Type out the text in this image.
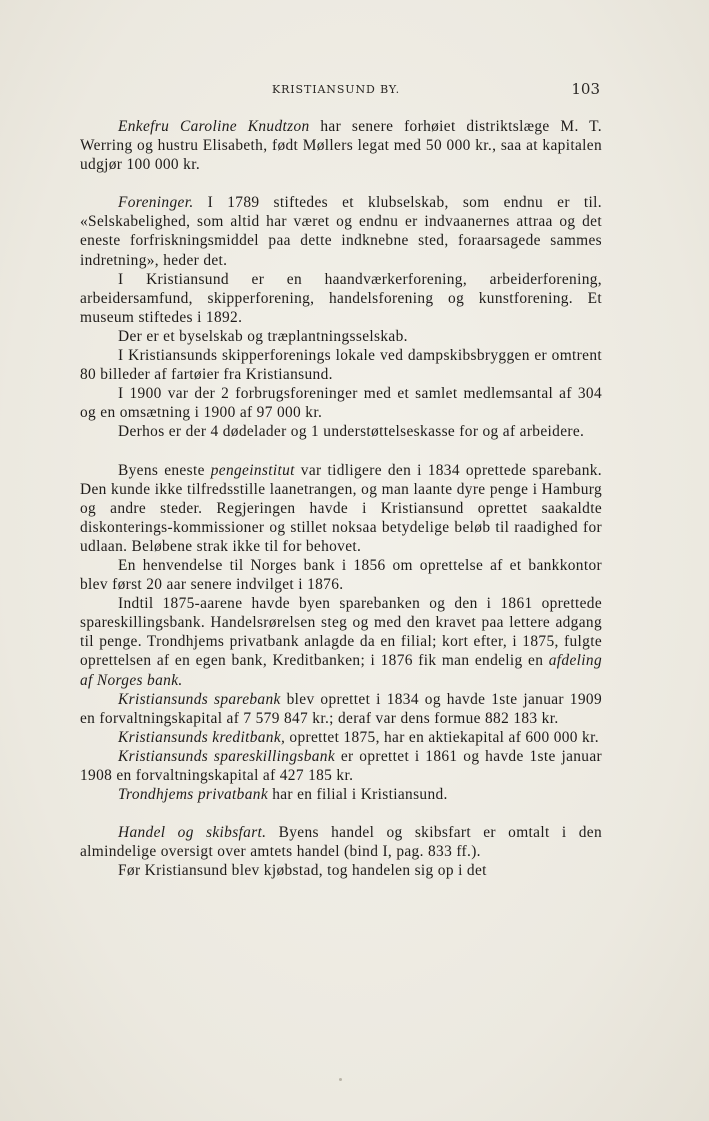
KRISTIANSUND BY.	103

Enkefru Caroline Knudtzon har senere forhøiet distriktslæge M. T. Werring og hustru Elisabeth, født Møllers legat med 50 000 kr., saa at kapitalen udgjør 100 000 kr.

Foreninger. I 1789 stiftedes et klubselskab, som endnu er til. «Selskabelighed, som altid har været og endnu er indvaanernes attraa og det eneste forfriskningsmiddel paa dette indknebne sted, foraarsagede sammes indretning», heder det.

I Kristiansund er en haandværkerforening, arbeiderforening, arbeidersamfund, skipperforening, handelsforening og kunstforening. Et museum stiftedes i 1892.

Der er et byselskab og træplantningsselskab.

I Kristiansunds skipperforenings lokale ved dampskibsbryggen er omtrent 80 billeder af fartøier fra Kristiansund.

I 1900 var der 2 forbrugsforeninger med et samlet medlemsantal af 304 og en omsætning i 1900 af 97 000 kr.

Derhos er der 4 dødelader og 1 understøttelseskasse for og af arbeidere.

Byens eneste pengeinstitut var tidligere den i 1834 oprettede sparebank. Den kunde ikke tilfredsstille laanetrangen, og man laante dyre penge i Hamburg og andre steder. Regjeringen havde i Kristiansund oprettet saakaldte diskonterings-kommissioner og stillet noksaa betydelige beløb til raadighed for udlaan. Beløbene strak ikke til for behovet.

En henvendelse til Norges bank i 1856 om oprettelse af et bankkontor blev først 20 aar senere indvilget i 1876.

Indtil 1875-aarene havde byen sparebanken og den i 1861 oprettede spareskillingsbank. Handelsrørelsen steg og med den kravet paa lettere adgang til penge. Trondhjems privatbank anlagde da en filial; kort efter, i 1875, fulgte oprettelsen af en egen bank, Kreditbanken; i 1876 fik man endelig en afdeling af Norges bank.

Kristiansunds sparebank blev oprettet i 1834 og havde 1ste januar 1909 en forvaltningskapital af 7 579 847 kr.; deraf var dens formue 882 183 kr.

Kristiansunds kreditbank, oprettet 1875, har en aktiekapital af 600 000 kr.

Kristiansunds spareskillingsbank er oprettet i 1861 og havde 1ste januar 1908 en forvaltningskapital af 427 185 kr.

Trondhjems privatbank har en filial i Kristiansund.

Handel og skibsfart. Byens handel og skibsfart er omtalt i den almindelige oversigt over amtets handel (bind I, pag. 833 ff.).

Før Kristiansund blev kjøbstad, tog handelen sig op i det
